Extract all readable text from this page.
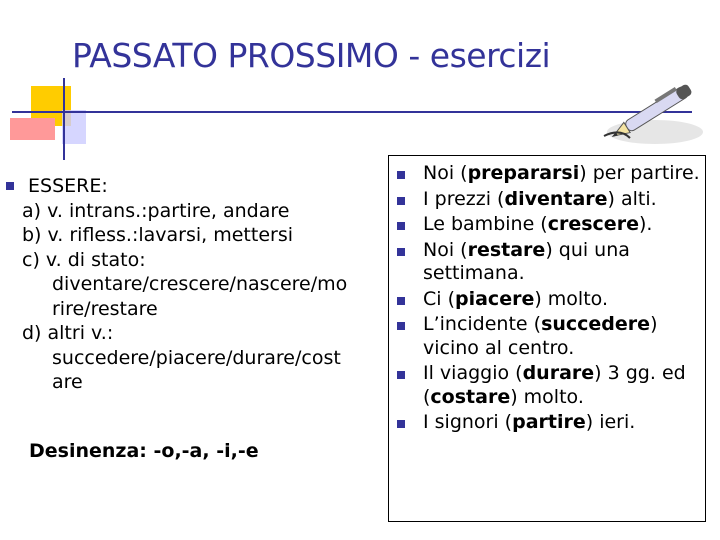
PASSATO PROSSIMO - esercizi
ESSERE:
a) v. intrans.:partire, andare
b) v. rifless.:lavarsi, mettersi
c) v. di stato:
diventare/crescere/nascere/mo
rire/restare
d) altri v.:
succedere/piacere/durare/cost
are
Desinenza: -o,-a, -i,-e
Noi (prepararsi) per partire.
I prezzi (diventare) alti.
Le bambine (crescere).
Noi (restare) qui una settimana.
Ci (piacere) molto.
L’incidente (succedere) vicino al centro.
Il viaggio (durare) 3 gg. ed (costare) molto.
I signori (partire) ieri.
